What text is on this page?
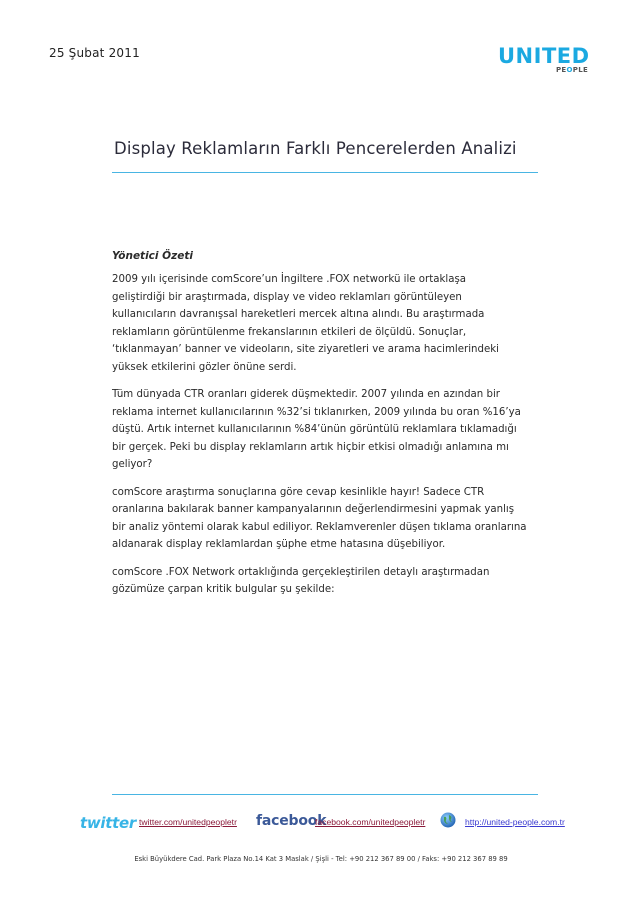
25 Şubat 2011	UNITED
PEOPLE
Display Reklamların Farklı Pencerelerden Analizi
Yönetici Özeti
2009 yılı içerisinde comScore’un İngiltere .FOX networkü ile ortaklaşa
geliştirdiği bir araştırmada, display ve video reklamları görüntüleyen
kullanıcıların davranışsal hareketleri mercek altına alındı. Bu araştırmada
reklamların görüntülenme frekanslarının etkileri de ölçüldü. Sonuçlar,
‘tıklanmayan’ banner ve videoların, site ziyaretleri ve arama hacimlerindeki
yüksek etkilerini gözler önüne serdi.
Tüm dünyada CTR oranları giderek düşmektedir. 2007 yılında en azından bir
reklama internet kullanıcılarının %32’si tıklanırken, 2009 yılında bu oran %16’ya
düştü. Artık internet kullanıcılarının %84’ünün görüntülü reklamlara tıklamadığı
bir gerçek. Peki bu display reklamların artık hiçbir etkisi olmadığı anlamına mı
geliyor?
comScore araştırma sonuçlarına göre cevap kesinlikle hayır! Sadece CTR
oranlarına bakılarak banner kampanyalarının değerlendirmesini yapmak yanlış
bir analiz yöntemi olarak kabul ediliyor. Reklamverenler düşen tıklama oranlarına
aldanarak display reklamlardan şüphe etme hatasına düşebiliyor.
comScore .FOX Network ortaklığında gerçekleştirilen detaylı araştırmadan
gözümüze çarpan kritik bulgular şu şekilde:
twitter twitter.com/unitedpeopletr facebook
facebook.com/unitedpeopletr	http://united-people.com.tr
Eski Büyükdere Cad. Park Plaza No.14 Kat 3 Maslak / Şişli - Tel: +90 212 367 89 00 / Faks: +90 212 367 89 89
